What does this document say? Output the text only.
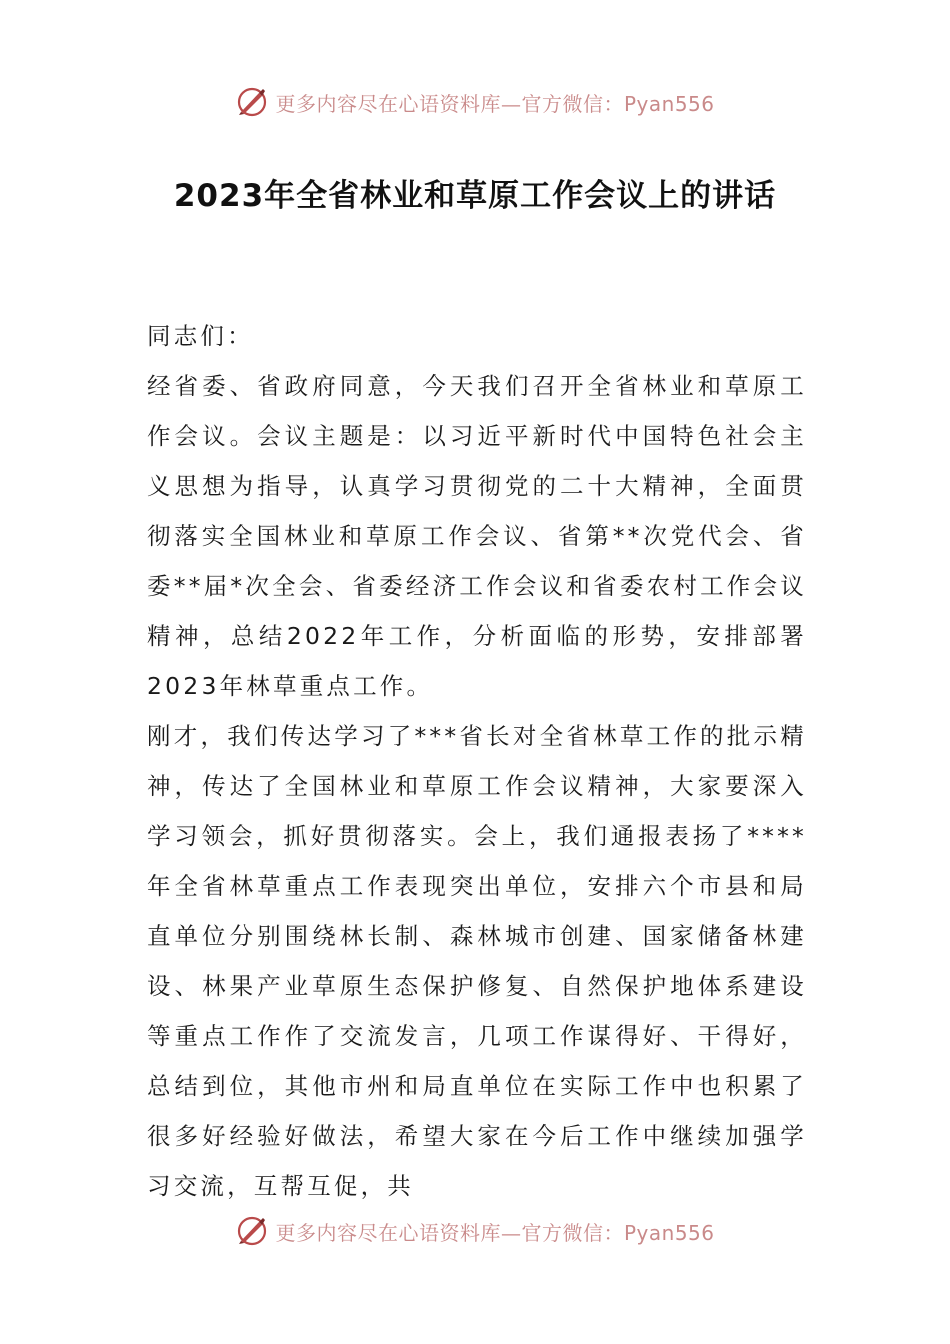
更多内容尽在心语资料库—官方微信：Pyan556
2023年全省林业和草原工作会议上的讲话

同志们：

经省委、省政府同意，今天我们召开全省林业和草原工作会议。会议主题是：以习近平新时代中国特色社会主义思想为指导，认真学习贯彻党的二十大精神，全面贯彻落实全国林业和草原工作会议、省第**次党代会、省委**届*次全会、省委经济工作会议和省委农村工作会议精神，总结2022年工作，分析面临的形势，安排部署2023年林草重点工作。

刚才，我们传达学习了***省长对全省林草工作的批示精神，传达了全国林业和草原工作会议精神，大家要深入学习领会，抓好贯彻落实。会上，我们通报表扬了****年全省林草重点工作表现突出单位，安排六个市县和局直单位分别围绕林长制、森林城市创建、国家储备林建设、林果产业草原生态保护修复、自然保护地体系建设等重点工作作了交流发言，几项工作谋得好、干得好，总结到位，其他市州和局直单位在实际工作中也积累了很多好经验好做法，希望大家在今后工作中继续加强学习交流，互帮互促，共

更多内容尽在心语资料库—官方微信：Pyan556
